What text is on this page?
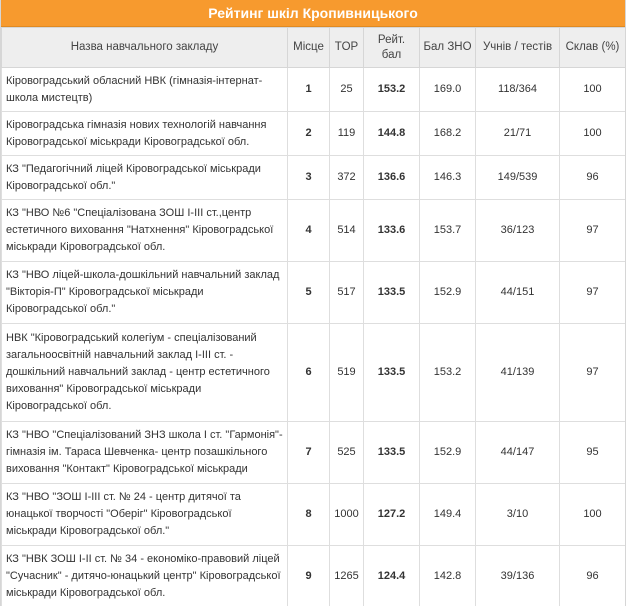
Рейтинг шкіл Кропивницького
Назва навчального закладу	Місце	TOP	Рейт. бал	Бал ЗНО	Учнів / тестів	Склав (%)
Кіровоградський обласний НВК (гімназія-інтернат-школа мистецтв)	1	25	153.2	169.0	118/364	100
Кіровоградська гімназія нових технологій навчання Кіровоградської міськради Кіровоградської обл.	2	119	144.8	168.2	21/71	100
КЗ "Педагогічний ліцей Кіровоградської міськради Кіровоградської обл."	3	372	136.6	146.3	149/539	96
КЗ "НВО №6 "Спеціалізована ЗОШ І-ІІІ ст.,центр естетичного виховання "Натхнення" Кіровоградської міськради Кіровоградської обл.	4	514	133.6	153.7	36/123	97
КЗ "НВО ліцей-школа-дошкільний навчальний заклад "Вікторія-П" Кіровоградської міськради Кіровоградської обл."	5	517	133.5	152.9	44/151	97
НВК "Кіровоградський колегіум - спеціалізований загальноосвітній навчальний заклад І-ІІІ ст. - дошкільний навчальний заклад - центр естетичного виховання" Кіровоградської міськради Кіровоградської обл.	6	519	133.5	153.2	41/139	97
КЗ "НВО "Спеціалізований ЗНЗ школа І ст. "Гармонія"-гімназія ім. Тараса Шевченка- центр позашкільного виховання "Контакт" Кіровоградської міськради	7	525	133.5	152.9	44/147	95
КЗ "НВО "ЗОШ І-ІІІ ст. № 24 - центр дитячої та юнацької творчості "Оберіг" Кіровоградської міськради Кіровоградської обл."	8	1000	127.2	149.4	3/10	100
КЗ "НВК ЗОШ І-ІІ ст. № 34 - економіко-правовий ліцей "Сучасник" - дитячо-юнацький центр" Кіровоградської міськради Кіровоградської обл.	9	1265	124.4	142.8	39/136	96
